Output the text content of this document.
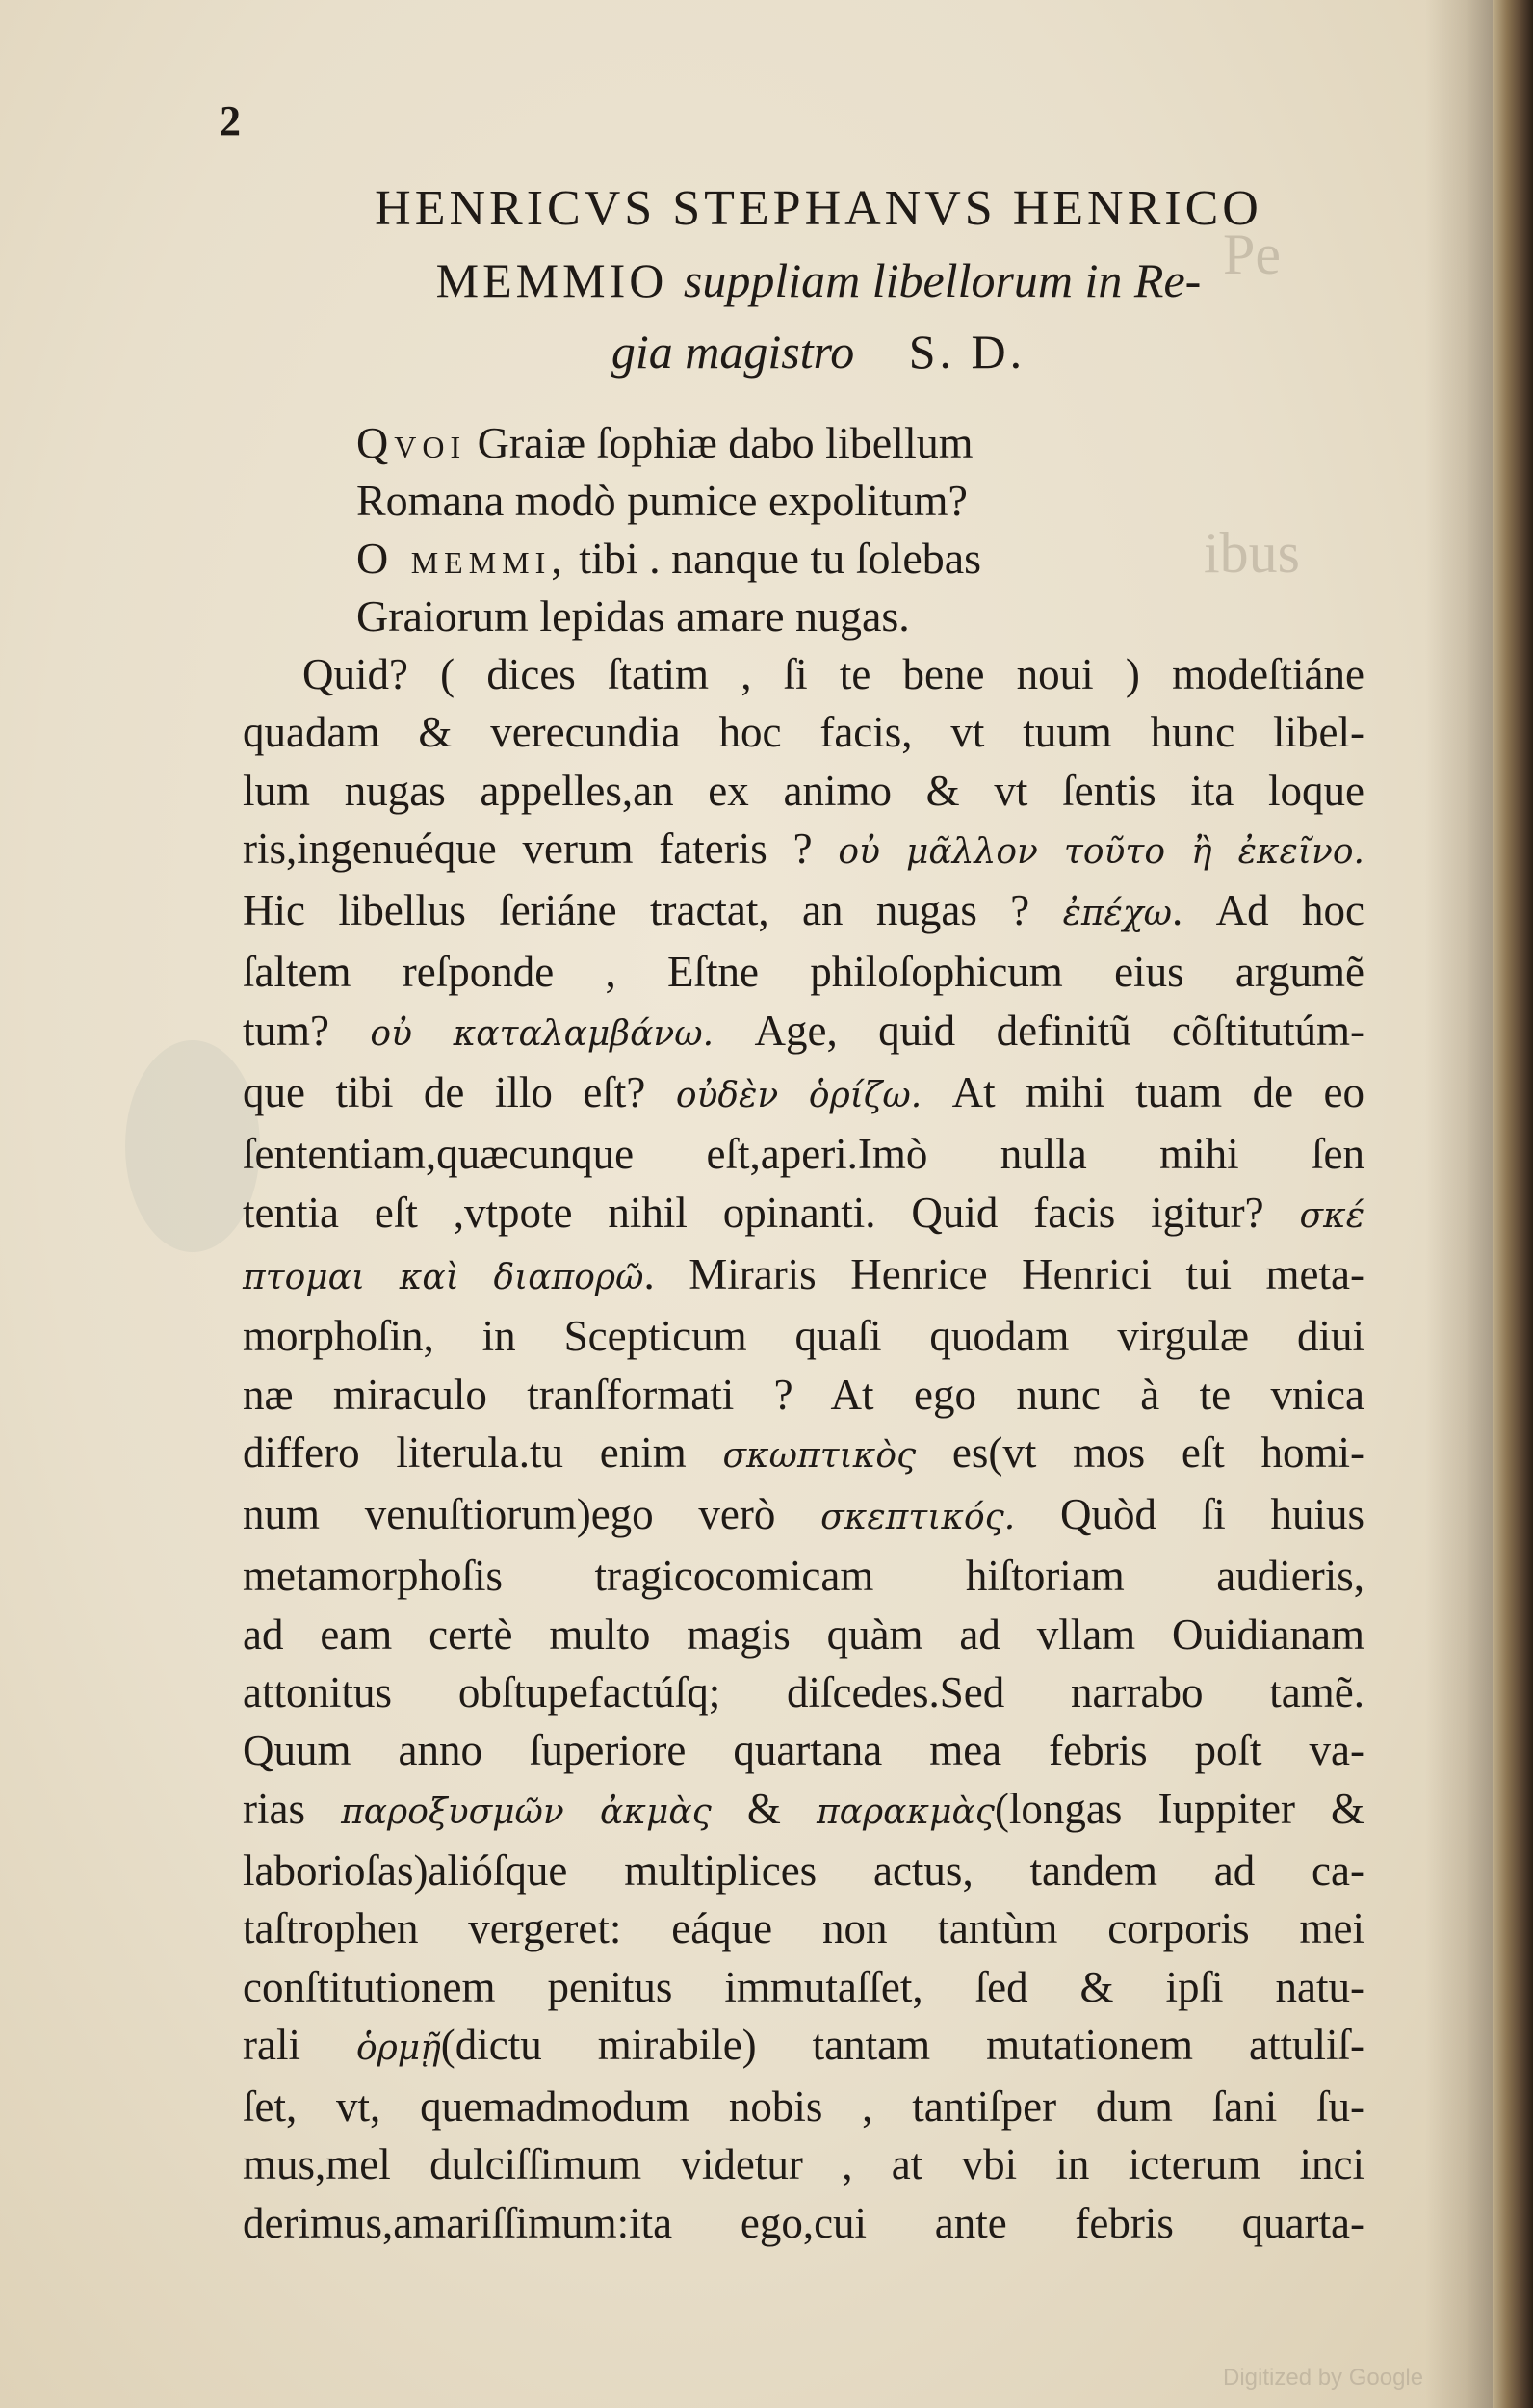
Pe
ibus
2
HENRICVS STEPHANVS HENRICO
MEMMIO suppliam libellorum in Re-
gia magistro S. D.
Qvoi Graiæ ſophiæ dabo libellum
Romana modò pumice expolitum?
O memmi, tibi . nanque tu ſolebas
Graiorum lepidas amare nugas.
Quid? ( dices ſtatim , ſi te bene noui ) modeſtiáne
quadam & verecundia hoc facis, vt tuum hunc libel-
lum nugas appelles,an ex animo & vt ſentis ita loque
ris,ingenuéque verum fateris ? οὐ μᾶλλον τοῦτο ἢ ἐκεῖνο.
Hic libellus ſeriáne tractat, an nugas ? ἐπέχω. Ad hoc
ſaltem reſponde , Eſtne philoſophicum eius argumẽ
tum? οὐ καταλαμβάνω. Age, quid definitũ cõſtitutúm-
que tibi de illo eſt? οὐδὲν ὁρίζω. At mihi tuam de eo
ſententiam,quæcunque eſt,aperi.Imò nulla mihi ſen
tentia eſt ,vtpote nihil opinanti. Quid facis igitur? σκέ
πτομαι καὶ διαπορῶ. Miraris Henrice Henrici tui meta-
morphoſin, in Scepticum quaſi quodam virgulæ diui
næ miraculo tranſformati ? At ego nunc à te vnica
differo literula.tu enim σκωπτικὸς es(vt mos eſt homi-
num venuſtiorum)ego verò σκεπτικός. Quòd ſi huius
metamorphoſis tragicocomicam hiſtoriam audieris,
ad eam certè multo magis quàm ad vllam Ouidianam
attonitus obſtupefactúſq; diſcedes.Sed narrabo tamẽ.
Quum anno ſuperiore quartana mea febris poſt va-
rias παροξυσμῶν ἀκμὰς & παρακμὰς(longas Iuppiter &
laborioſas)alióſque multiplices actus, tandem ad ca-
taſtrophen vergeret: eáque non tantùm corporis mei
conſtitutionem penitus immutaſſet, ſed & ipſi natu-
rali ὁρμῇ(dictu mirabile) tantam mutationem attuliſ-
ſet, vt, quemadmodum nobis , tantiſper dum ſani ſu-
mus,mel dulciſſimum videtur , at vbi in icterum inci
derimus,amariſſimum:ita ego,cui ante febris quarta-
Digitized by Google
